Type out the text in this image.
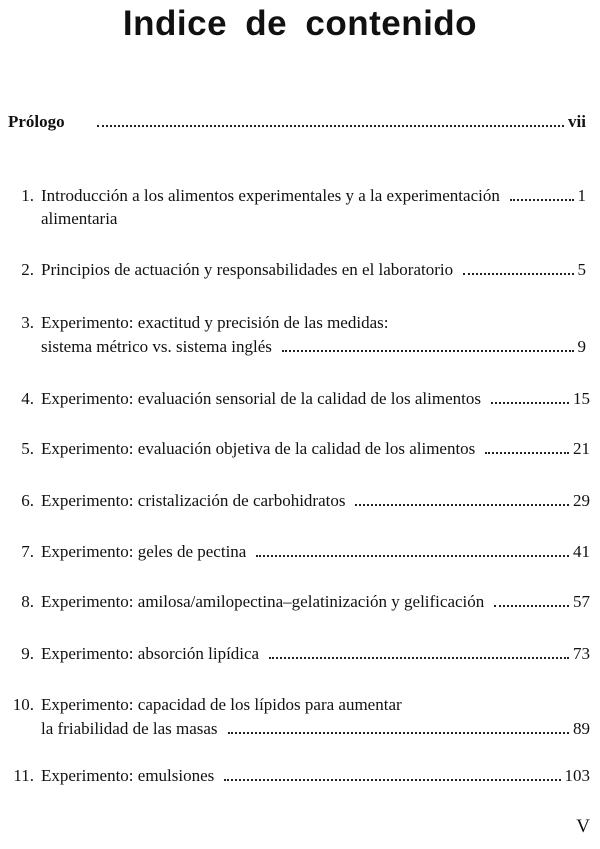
Indice de contenido
Prólogo	vii
1. Introducción a los alimentos experimentales y a la experimentación	1
alimentaria
2. Principios de actuación y responsabilidades en el laboratorio	5
3. Experimento: exactitud y precisión de las medidas:
sistema métrico vs. sistema inglés	9
4. Experimento: evaluación sensorial de la calidad de los alimentos	15
5. Experimento: evaluación objetiva de la calidad de los alimentos	21
6. Experimento: cristalización de carbohidratos	29
7. Experimento: geles de pectina	41
8. Experimento: amilosa/amilopectina–gelatinización y gelificación	57
9. Experimento: absorción lipídica	73
10. Experimento: capacidad de los lípidos para aumentar
la friabilidad de las masas	89
11. Experimento: emulsiones	103
V
